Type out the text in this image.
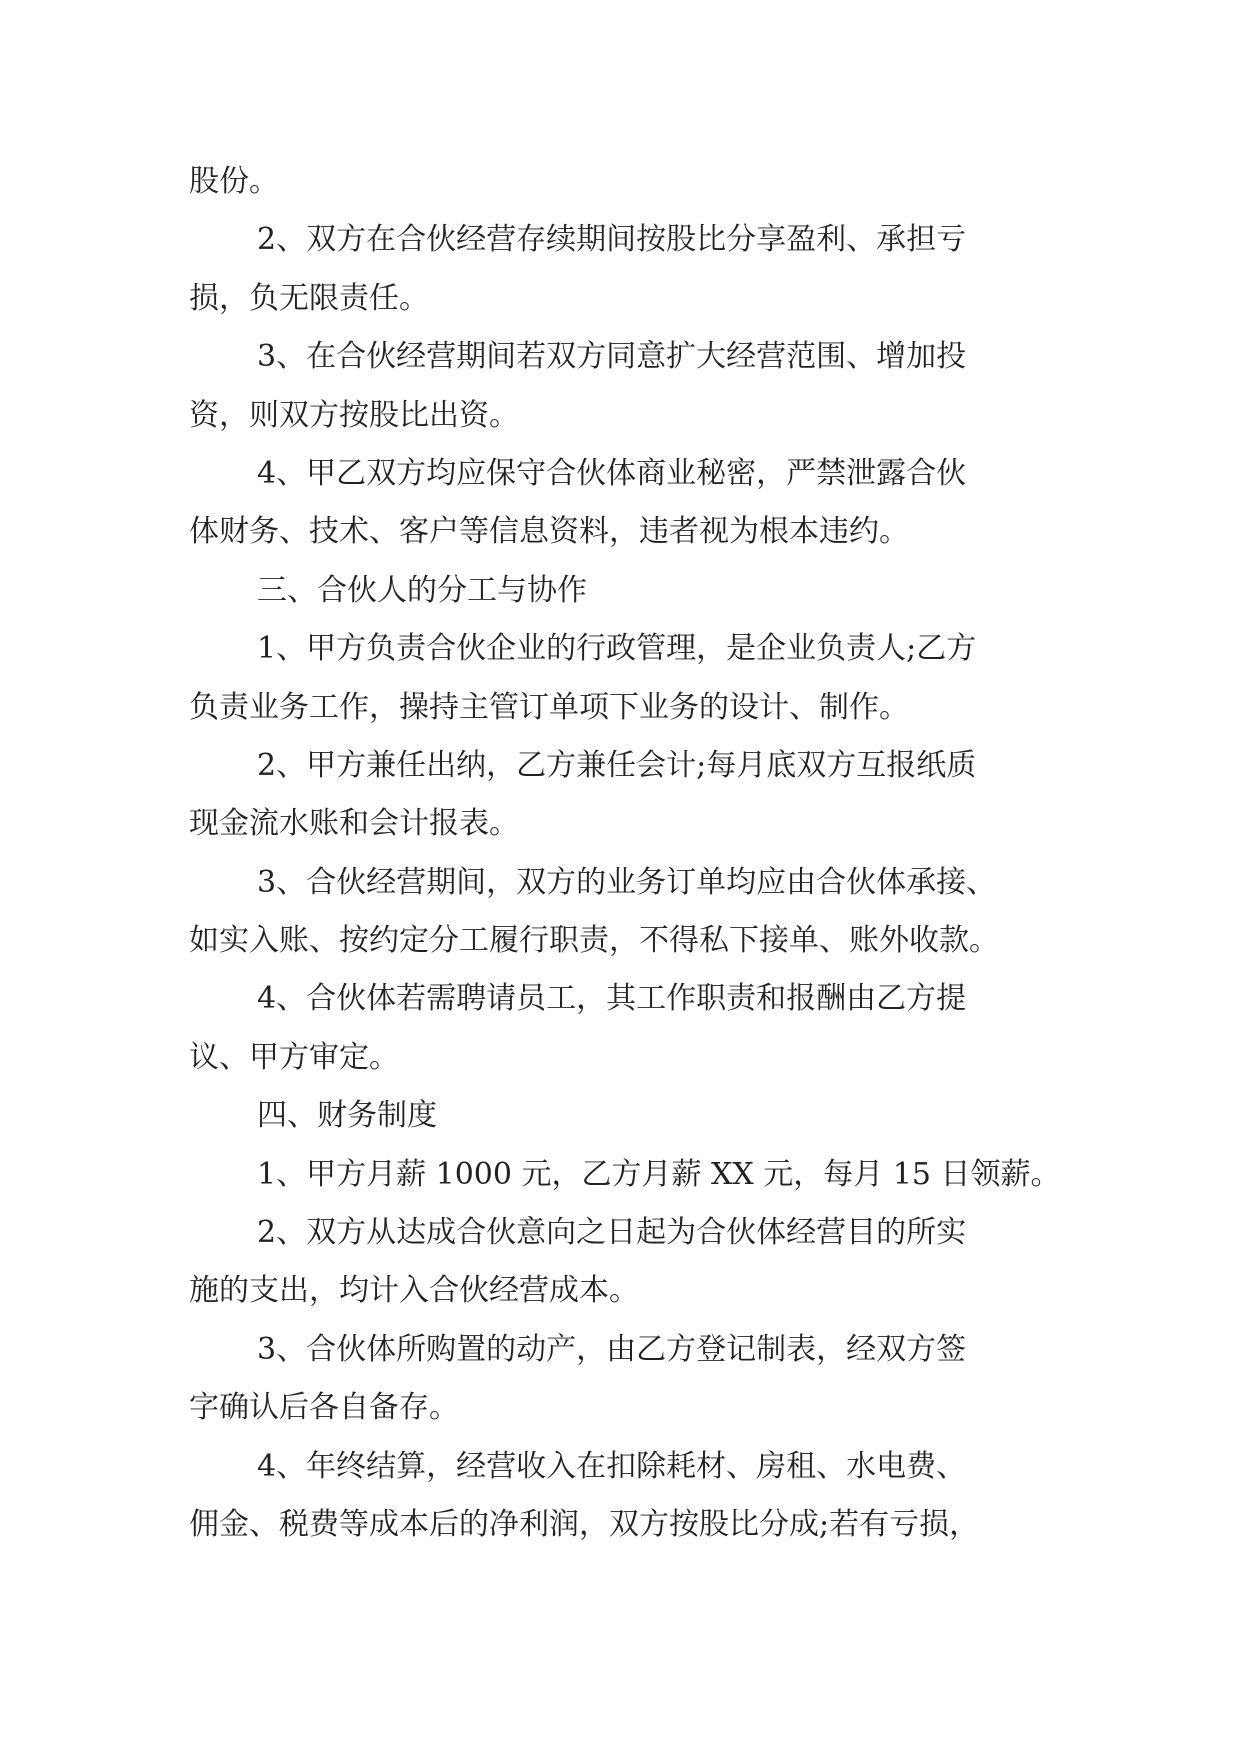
股份。
2、双方在合伙经营存续期间按股比分享盈利、承担亏
损，负无限责任。
3、在合伙经营期间若双方同意扩大经营范围、增加投
资，则双方按股比出资。
4、甲乙双方均应保守合伙体商业秘密，严禁泄露合伙
体财务、技术、客户等信息资料，违者视为根本违约。
三、合伙人的分工与协作
1、甲方负责合伙企业的行政管理，是企业负责人;乙方
负责业务工作，操持主管订单项下业务的设计、制作。
2、甲方兼任出纳，乙方兼任会计;每月底双方互报纸质
现金流水账和会计报表。
3、合伙经营期间，双方的业务订单均应由合伙体承接、
如实入账、按约定分工履行职责，不得私下接单、账外收款。
4、合伙体若需聘请员工，其工作职责和报酬由乙方提
议、甲方审定。
四、财务制度
1、甲方月薪 1000 元，乙方月薪 XX 元，每月 15 日领薪。
2、双方从达成合伙意向之日起为合伙体经营目的所实
施的支出，均计入合伙经营成本。
3、合伙体所购置的动产，由乙方登记制表，经双方签
字确认后各自备存。
4、年终结算，经营收入在扣除耗材、房租、水电费、
佣金、税费等成本后的净利润，双方按股比分成;若有亏损，
